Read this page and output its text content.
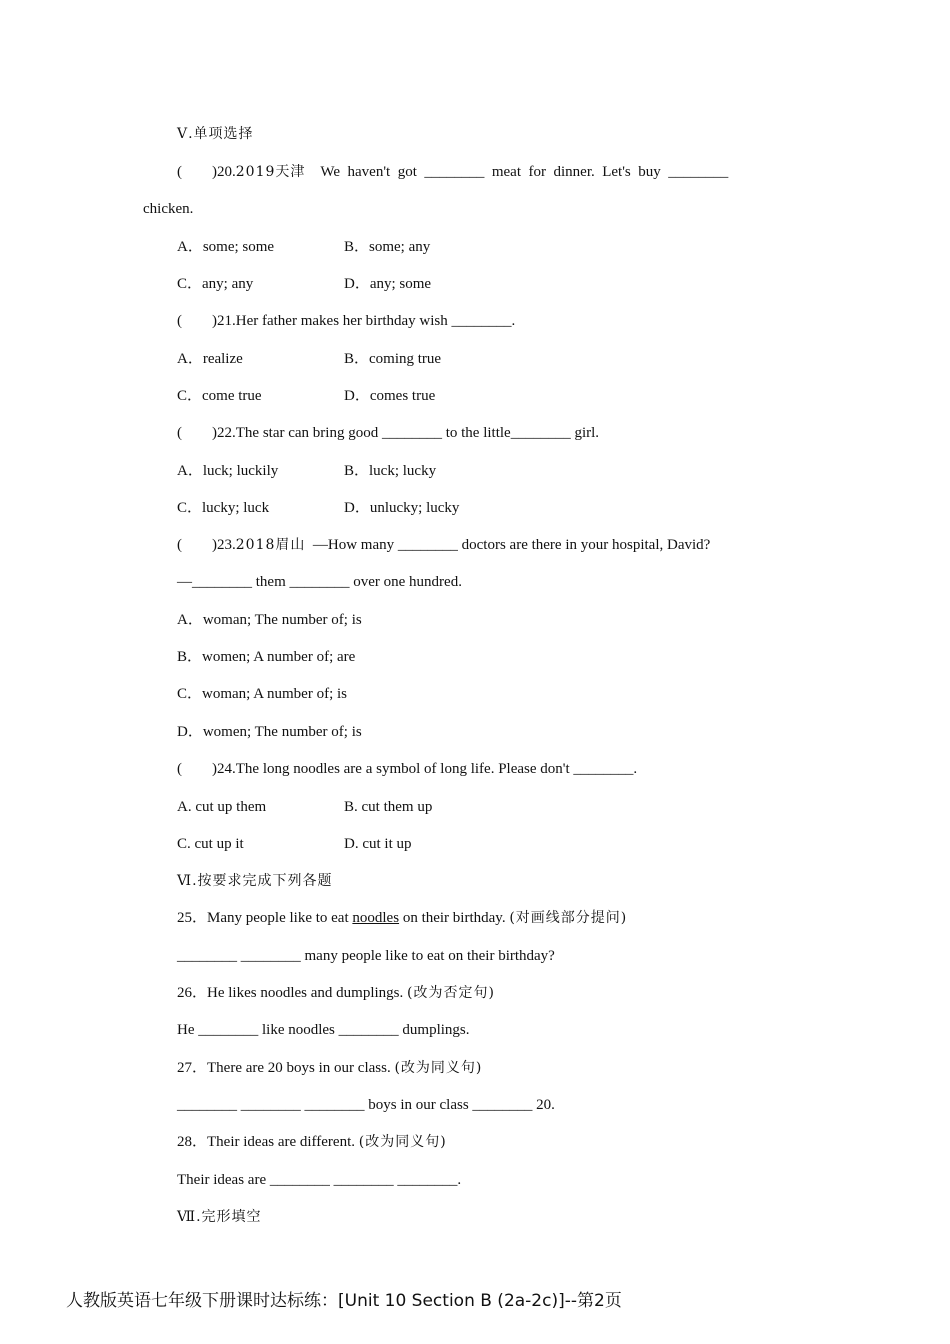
Ⅴ.单项选择
(　　)20.2019天津 We  haven't  got  ________  meat  for  dinner.  Let's  buy  ________
chicken.
A．some; some	B．some; any
C．any; any	D．any; some
(　　)21.Her father makes her birthday wish ________.
A．realize	B．coming true
C．come true	D．comes true
(　　)22.The star can bring good ________ to the little________ girl.
A．luck; luckily	B．luck; lucky
C．lucky; luck	D．unlucky; lucky
(　　)23.2018眉山 —How many ________ doctors are there in your hospital, David?
—________ them ________ over one hundred.
A．woman; The number of; is
B．women; A number of; are
C．woman; A number of; is
D．women; The number of; is
(　　)24.The long noodles are a symbol of long life. Please don't ________.
A. cut up them	B. cut them up
C. cut up it	D. cut it up
Ⅵ.按要求完成下列各题
25．Many people like to eat noodles on their birthday. (对画线部分提问)
________ ________ many people like to eat on their birthday?
26．He likes noodles and dumplings. (改为否定句)
He ________ like noodles ________ dumplings.
27．There are 20 boys in our class. (改为同义句)
________ ________ ________ boys in our class ________ 20.
28．Their ideas are different. (改为同义句)
Their ideas are ________ ________ ________.
Ⅶ.完形填空
人教版英语七年级下册课时达标练：[Unit 10 Section B (2a-2c)]--第2页
